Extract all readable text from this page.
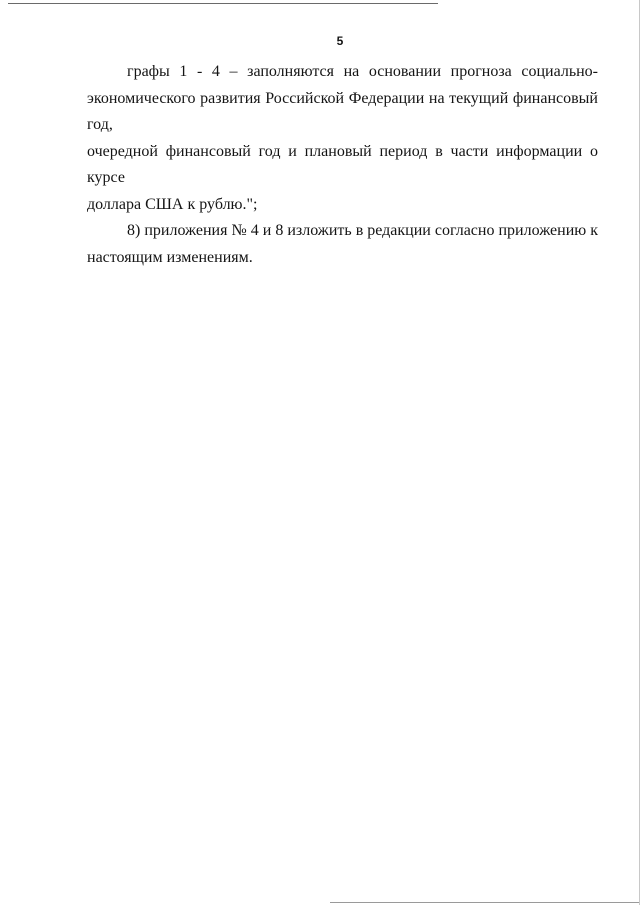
5

графы 1 - 4 – заполняются на основании прогноза социально-
экономического развития Российской Федерации на текущий финансовый год,
очередной финансовый год и плановый период в части информации о курсе
доллара США к рублю.";

8) приложения № 4 и 8 изложить в редакции согласно приложению к
настоящим изменениям.
